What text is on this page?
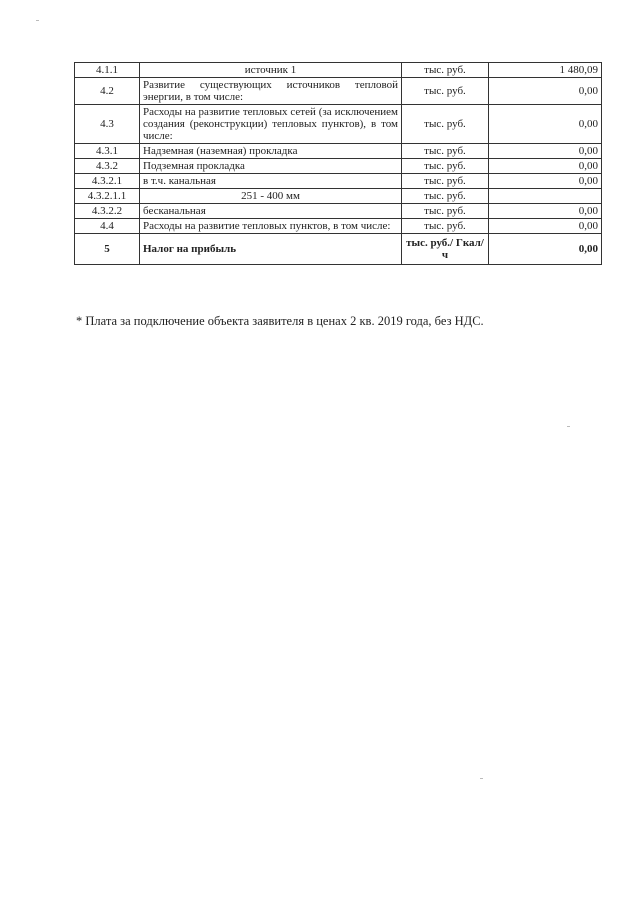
4.1.1	источник 1	тыс. руб.	1 480,09
4.2	Развитие существующих источников тепловой энергии, в том числе:	тыс. руб.	0,00
4.3	Расходы на развитие тепловых сетей (за исключением создания (реконструкции) тепловых пунктов), в том числе:	тыс. руб.	0,00
4.3.1	Надземная (наземная) прокладка	тыс. руб.	0,00
4.3.2	Подземная прокладка	тыс. руб.	0,00
4.3.2.1	в т.ч. канальная	тыс. руб.	0,00
4.3.2.1.1	251 - 400 мм	тыс. руб.	
4.3.2.2	бесканальная	тыс. руб.	0,00
4.4	Расходы на развитие тепловых пунктов, в том числе:	тыс. руб.	0,00
5	Налог на прибыль	тыс. руб./ Гкал/ч	0,00
* Плата за подключение объекта заявителя в ценах 2 кв. 2019 года, без НДС.
